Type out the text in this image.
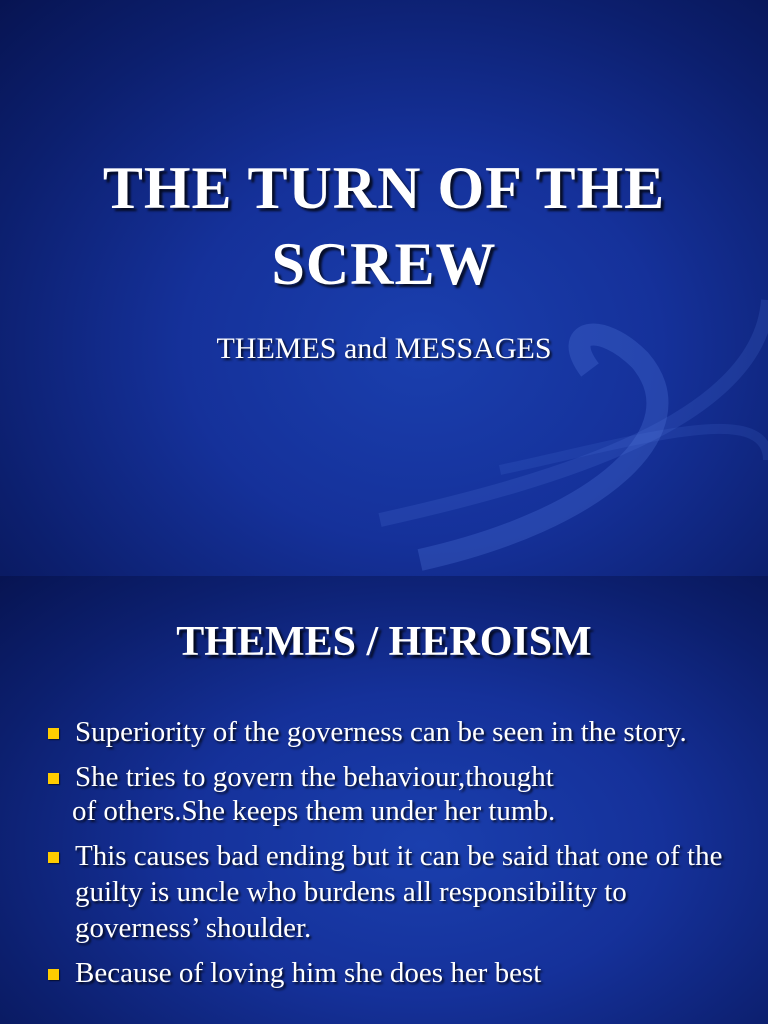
THE TURN OF THE
SCREW
THEMES and MESSAGES
THEMES / HEROISM
Superiority of the governess can be seen in the story.
She tries to govern the behaviour,thought
of others.She keeps them under her tumb.
This causes bad ending but it can be said that one of the guilty is uncle who burdens all responsibility to governess’ shoulder.
Because of loving him she does her best
